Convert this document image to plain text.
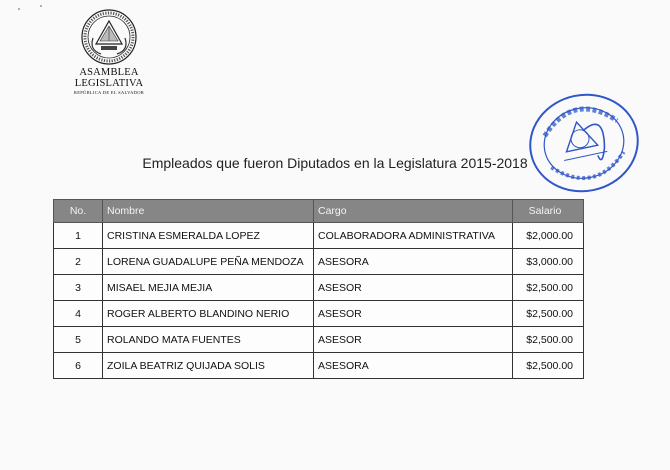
ASAMBLEA LEGISLATIVA
REPÚBLICA DE EL SALVADOR
Empleados que fueron Diputados en la Legislatura 2015-2018
No.	Nombre	Cargo	Salario
1	CRISTINA ESMERALDA LOPEZ	COLABORADORA ADMINISTRATIVA	$2,000.00
2	LORENA GUADALUPE PEÑA MENDOZA	ASESORA	$3,000.00
3	MISAEL MEJIA MEJIA	ASESOR	$2,500.00
4	ROGER ALBERTO BLANDINO NERIO	ASESOR	$2,500.00
5	ROLANDO MATA FUENTES	ASESOR	$2,500.00
6	ZOILA BEATRIZ QUIJADA SOLIS	ASESORA	$2,500.00
